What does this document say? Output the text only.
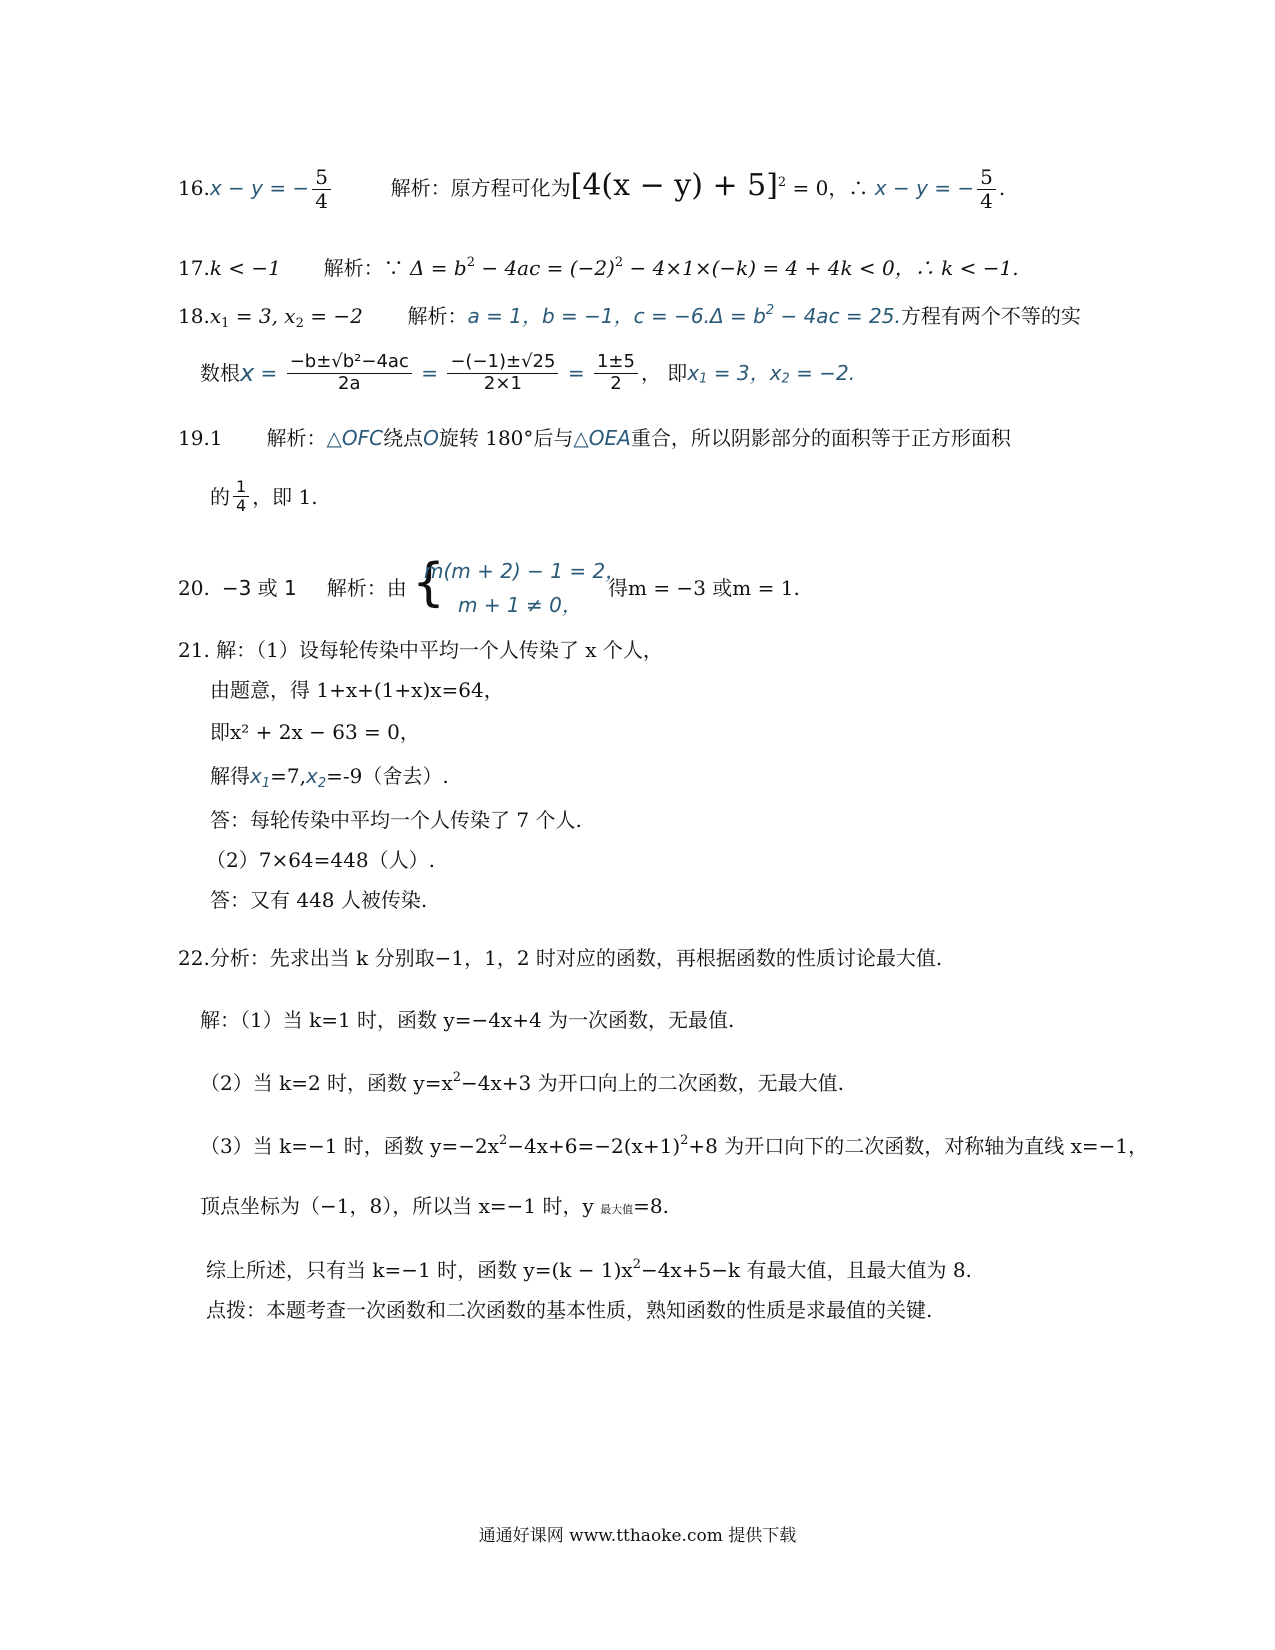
16.x − y = − $\frac{5}{4}$	解析：原方程可化为$[4(x - y) + 5]^2 = 0$，∴ x − y = − $\frac{5}{4}$ .
17.k < −1 解析：∵ $\Delta = b^2 - 4ac = (-2)^2 - 4\times 1\times(-k) = 4 + 4k < 0$，∴ k < −1.
$18.x_1 = 3$, $x_2 = -2$ 解析：a = 1，b = −1，$c = -6.\Delta = b^2 - 4ac = 25$.方程有两个不等的实
数根$x = \frac{\text{−b±√b²−4ac}}{2a} = \frac{-(-1)\pm√25}{2\times 1} = \frac{1\pm 5}{2}$ ， 即$x_1 = 3$，$x_2 = -2$.
19.1 解析：△OFC绕点O旋转 180°后与△OEA重合，所以阴影部分的面积等于正方形面积
的 $\frac{1}{4}$ ，即 1.
20. −3 或 1 解析：由 {
m(m + 2) − 1 = 2，
m + 1 ≠ 0，
得m = −3 或m = 1.
21. 解：（1）设每轮传染中平均一个人传染了 x 个人，
由题意，得 1+x+(1+x)x=64，
即x² + 2x − 63 = 0，
解得$x_1=7,x_2=-9$（舍去）.
答：每轮传染中平均一个人传染了 7 个人.
（2）7×64=448（人）.
答：又有 448 人被传染.
22.分析：先求出当 k 分别取−1，1，2 时对应的函数，再根据函数的性质讨论最大值.
解：（1）当 k=1 时，函数 y=−4x+4 为一次函数，无最值.
（2）当 k=2 时，函数 $y=x^2-4x+3$ 为开口向上的二次函数，无最大值.
（3）当 k=−1 时，函数 $y=-2x^2-4x+6=-2(x+1)^2+8$ 为开口向下的二次函数，对称轴为直线 x=−1，
顶点坐标为（−1，8），所以当 x=−1 时，y 最大值=8.
综上所述，只有当 k=−1 时，函数 $y=(k - 1)x^2-4x+5-k$ 有最大值，且最大值为 8.
点拨：本题考查一次函数和二次函数的基本性质，熟知函数的性质是求最值的关键.
通通好课网 www.tthaoke.com 提供下载
